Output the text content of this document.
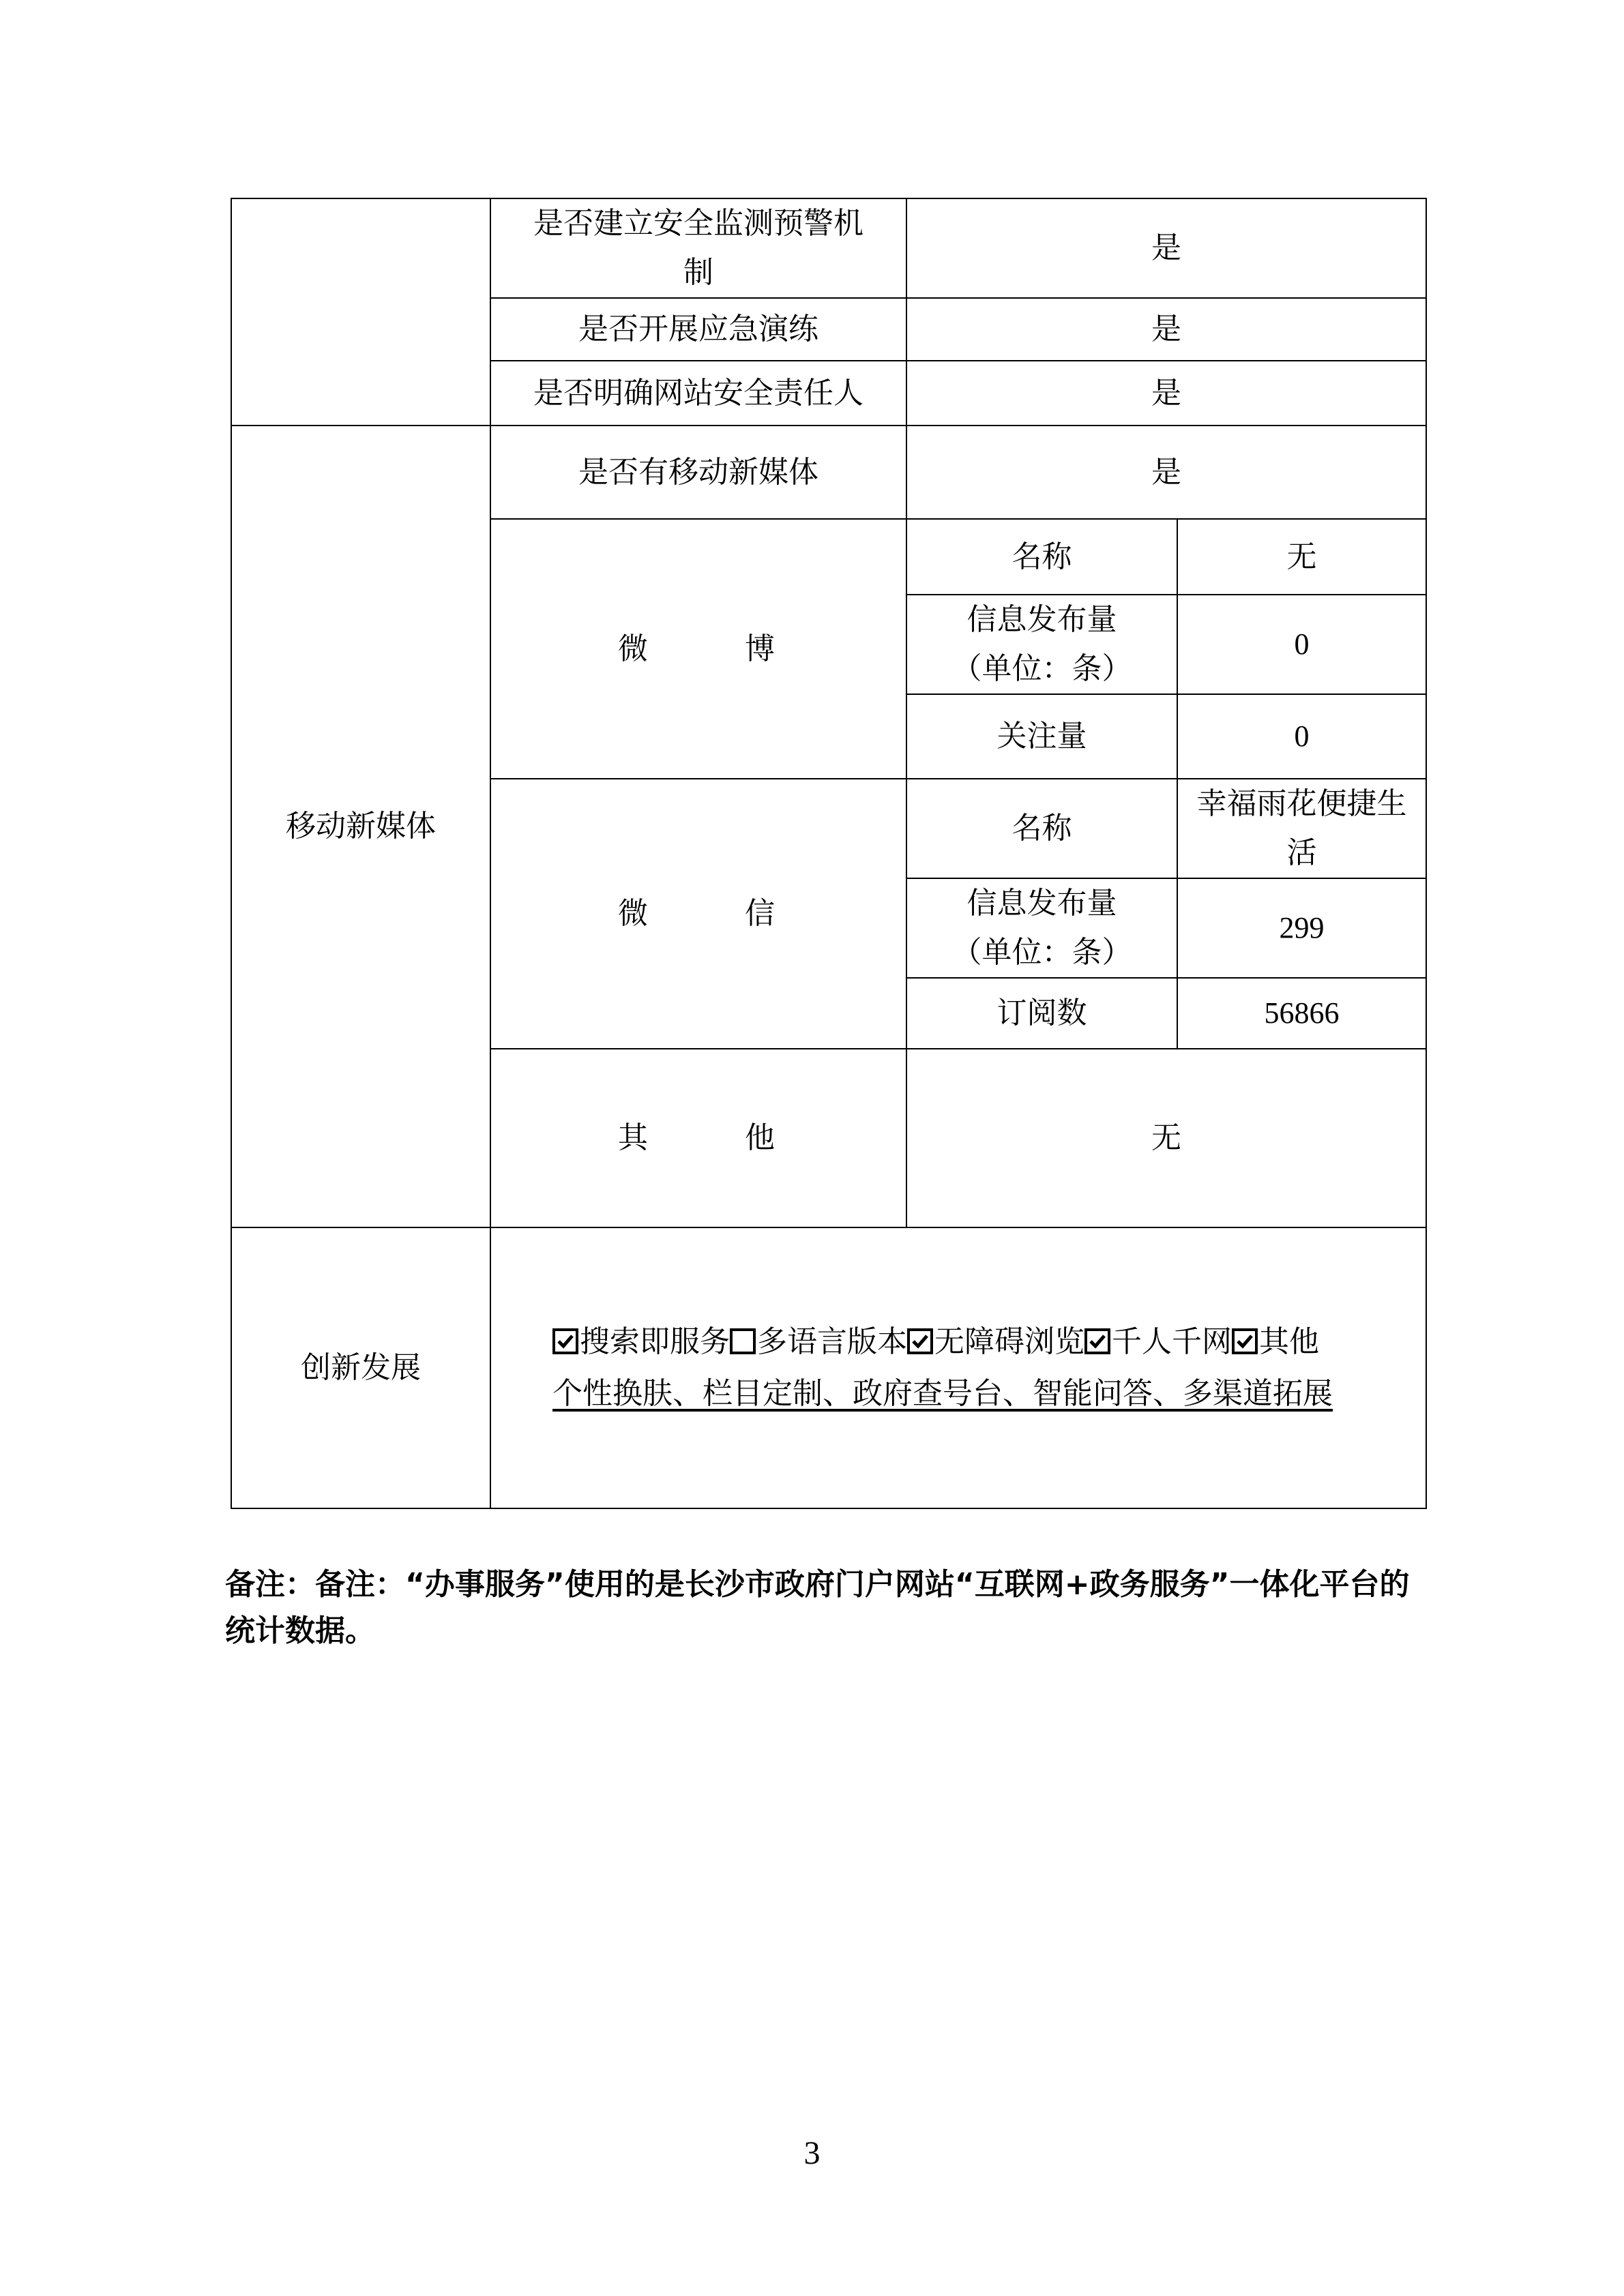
	是否建立安全监测预警机制	是	
	是否开展应急演练	是	
	是否明确网站安全责任人	是	
移动新媒体	是否有移动新媒体	是	
	微 博	名称	无
		信息发布量（单位：条）	0
		关注量	0
	微 信	名称	幸福雨花便捷生活
		信息发布量（单位：条）	299
		订阅数	56866
	其 他	无	
创新发展	搜索即服务 多语言版本 无障碍浏览 千人千网 其他
个性换肤、栏目定制、政府查号台、智能问答、多渠道拓展		
备注：备注：“办事服务”使用的是长沙市政府门户网站“互联网+政务服务”一体化平台的统计数据。
3
